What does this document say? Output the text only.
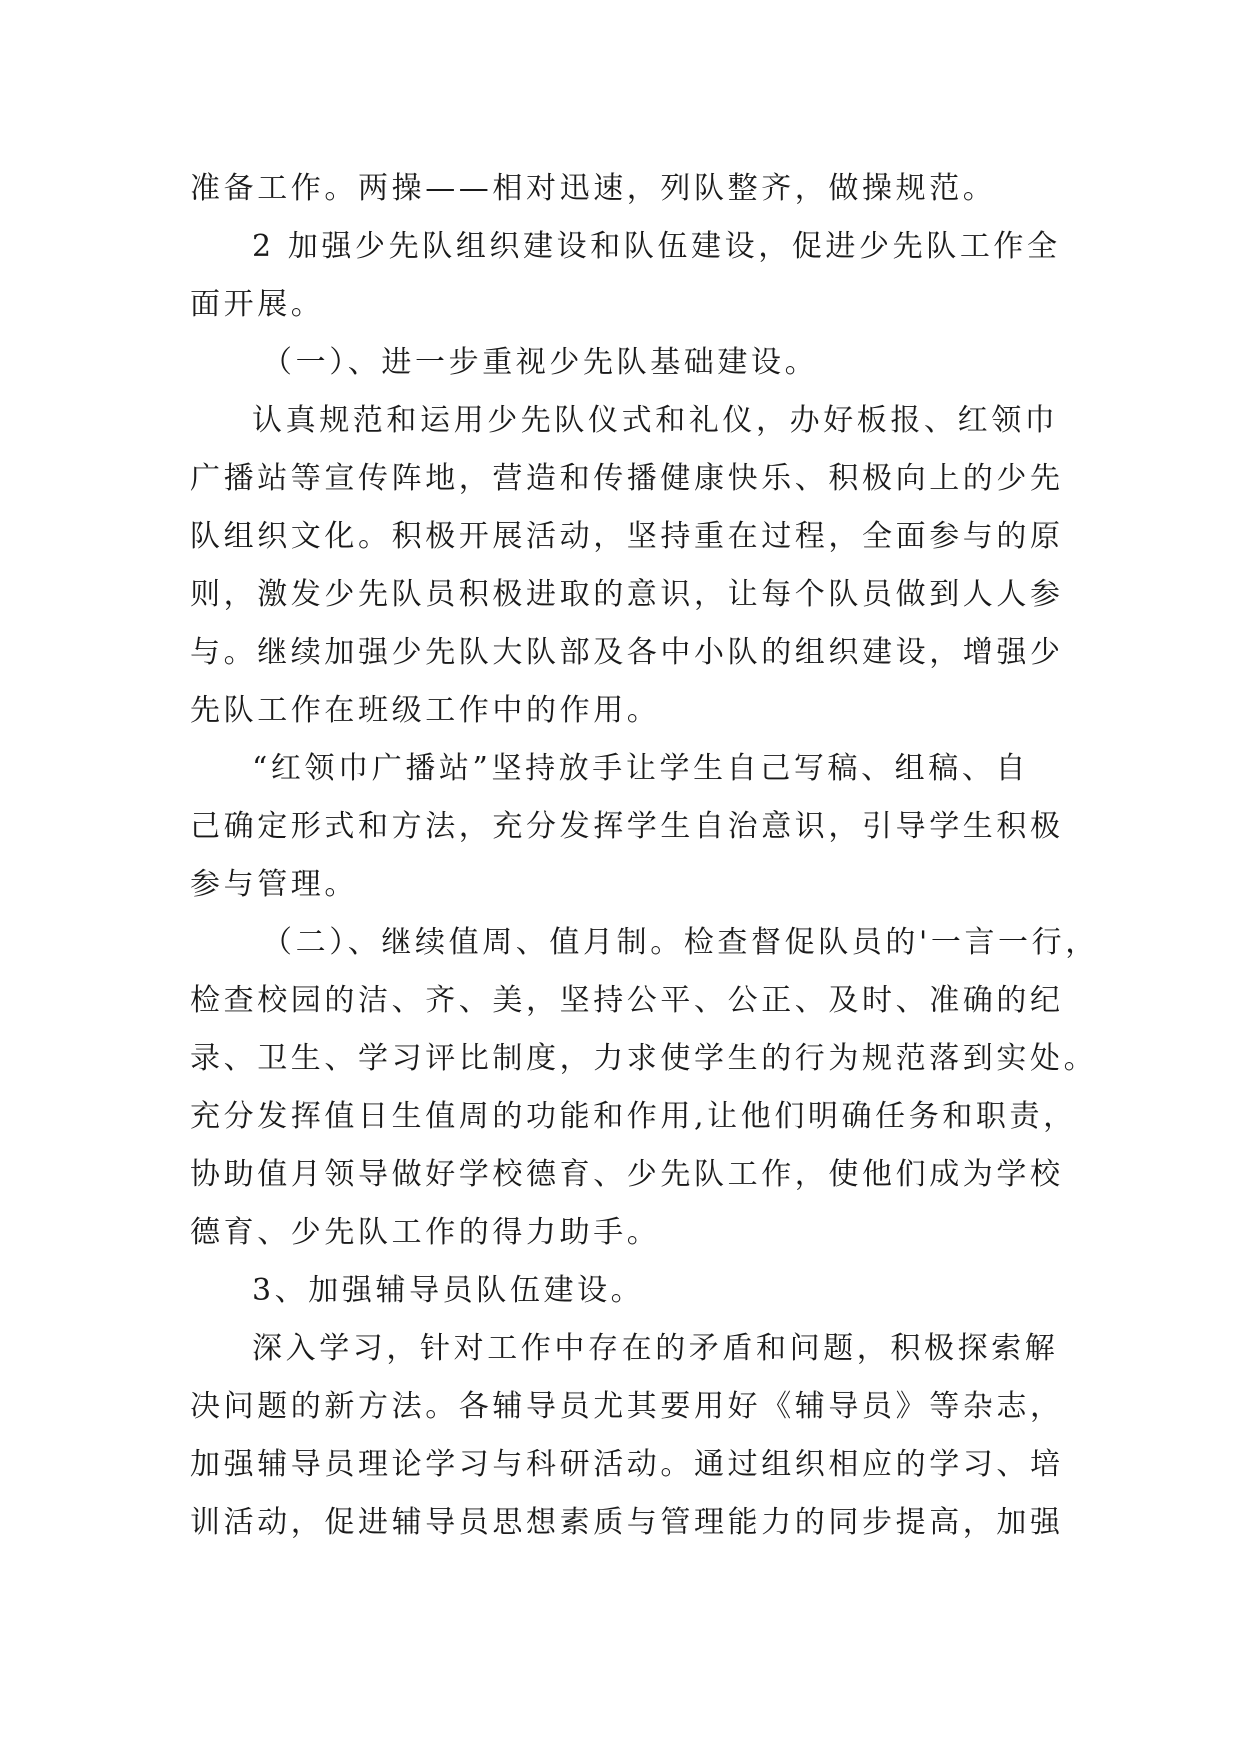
准备工作。两操——相对迅速，列队整齐，做操规范。
2 加强少先队组织建设和队伍建设，促进少先队工作全
面开展。
（一）、进一步重视少先队基础建设。
认真规范和运用少先队仪式和礼仪，办好板报、红领巾
广播站等宣传阵地，营造和传播健康快乐、积极向上的少先
队组织文化。积极开展活动，坚持重在过程，全面参与的原
则，激发少先队员积极进取的意识，让每个队员做到人人参
与。继续加强少先队大队部及各中小队的组织建设，增强少
先队工作在班级工作中的作用。
“红领巾广播站”坚持放手让学生自己写稿、组稿、自
己确定形式和方法，充分发挥学生自治意识，引导学生积极
参与管理。
（二）、继续值周、值月制。检查督促队员的'一言一行，
检查校园的洁、齐、美，坚持公平、公正、及时、准确的纪
录、卫生、学习评比制度，力求使学生的行为规范落到实处。
充分发挥值日生值周的功能和作用,让他们明确任务和职责，
协助值月领导做好学校德育、少先队工作，使他们成为学校
德育、少先队工作的得力助手。
3、加强辅导员队伍建设。
深入学习，针对工作中存在的矛盾和问题，积极探索解
决问题的新方法。各辅导员尤其要用好《辅导员》等杂志，
加强辅导员理论学习与科研活动。通过组织相应的学习、培
训活动，促进辅导员思想素质与管理能力的同步提高，加强
